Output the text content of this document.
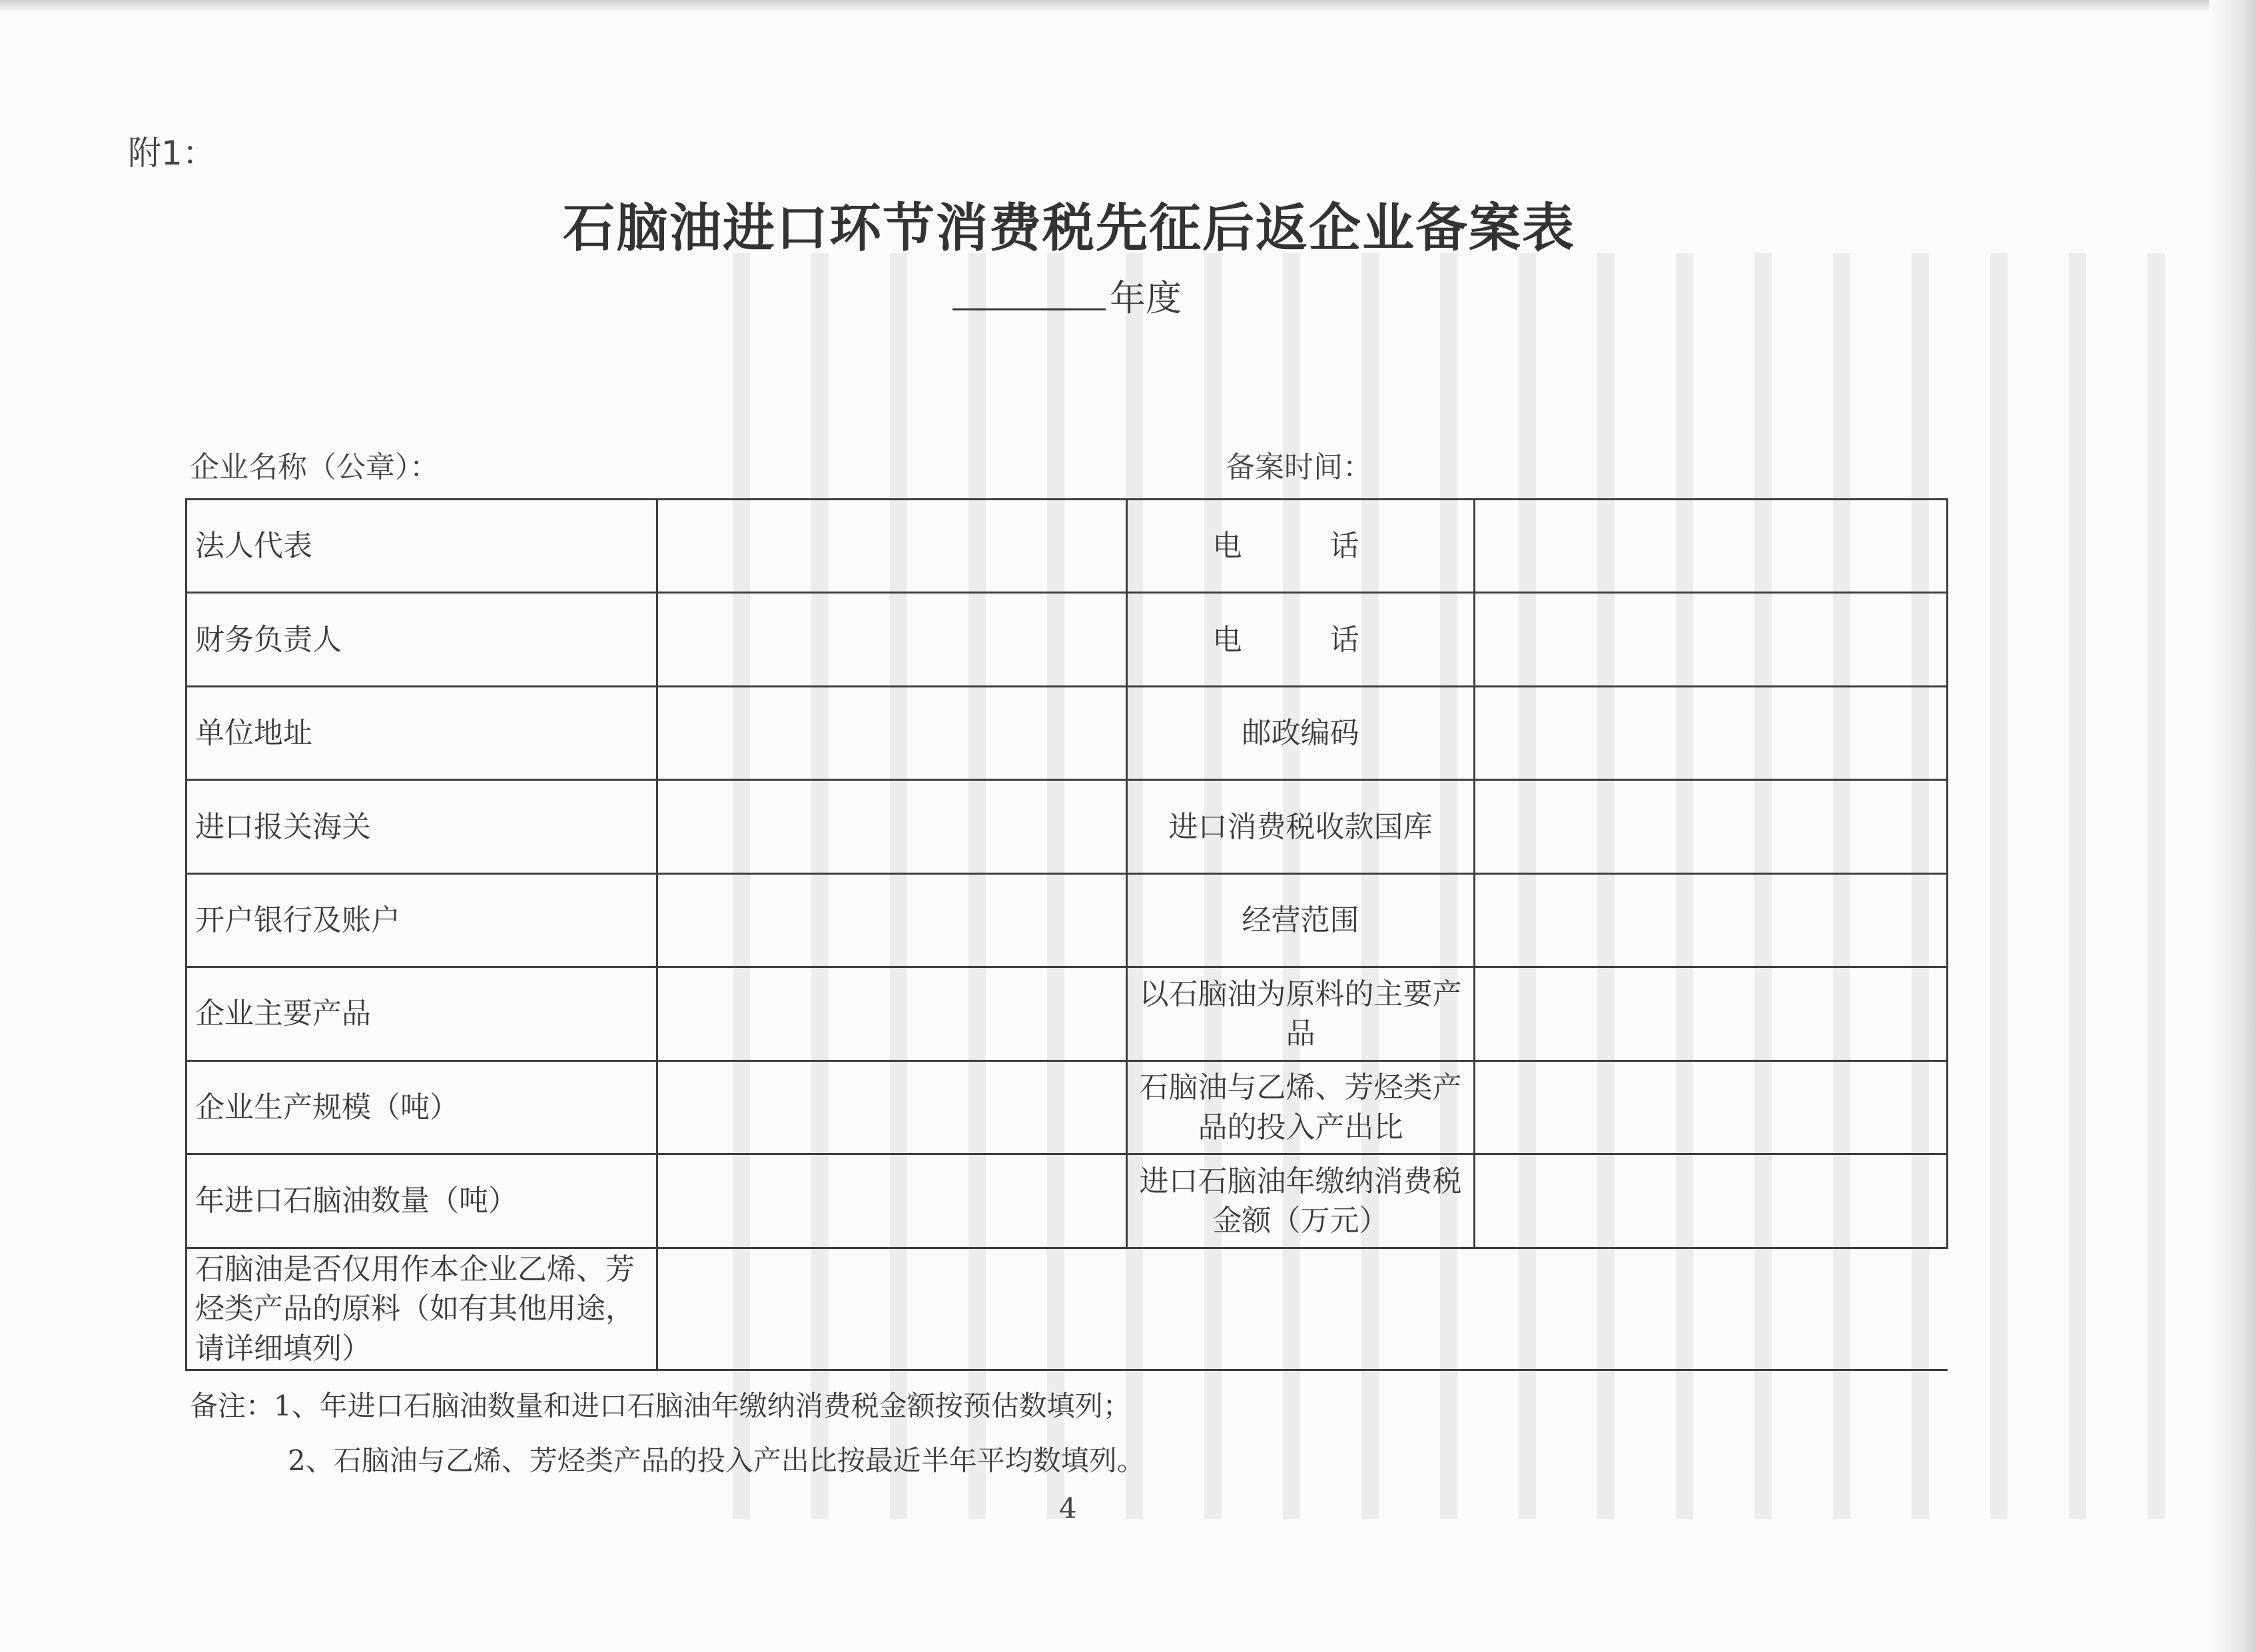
附1：
石脑油进口环节消费税先征后返企业备案表
年度
企业名称（公章）：	备案时间：
法人代表		电　话	
财务负责人		电　话	
单位地址		邮政编码	
进口报关海关		进口消费税收款国库	
开户银行及账户		经营范围	
企业主要产品		以石脑油为原料的主要产品	
企业生产规模（吨）		石脑油与乙烯、芳烃类产品的投入产出比	
年进口石脑油数量（吨）		进口石脑油年缴纳消费税金额（万元）	
石脑油是否仅用作本企业乙烯、芳烃类产品的原料（如有其他用途，请详细填列）			
备注：1、年进口石脑油数量和进口石脑油年缴纳消费税金额按预估数填列；
2、石脑油与乙烯、芳烃类产品的投入产出比按最近半年平均数填列。
4
